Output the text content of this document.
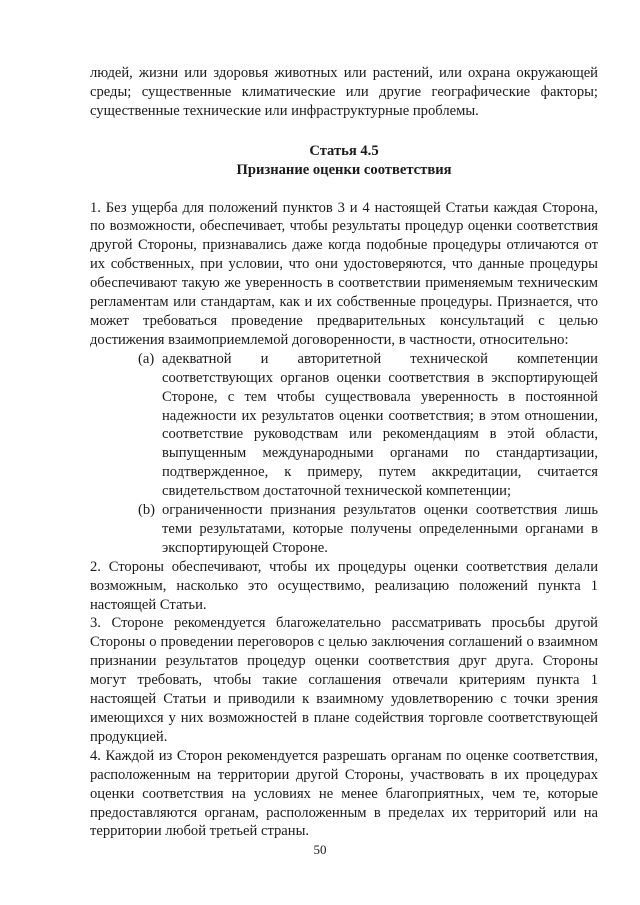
людей, жизни или здоровья животных или растений, или охрана окружающей среды; существенные климатические или другие географические факторы; существенные технические или инфраструктурные проблемы.

Статья 4.5

Признание оценки соответствия

1. Без ущерба для положений пунктов 3 и 4 настоящей Статьи каждая Сторона, по возможности, обеспечивает, чтобы результаты процедур оценки соответствия другой Стороны, признавались даже когда подобные процедуры отличаются от их собственных, при условии, что они удостоверяются, что данные процедуры обеспечивают такую же уверенность в соответствии применяемым техническим регламентам или стандартам, как и их собственные процедуры. Признается, что может требоваться проведение предварительных консультаций с целью достижения взаимоприемлемой договоренности, в частности, относительно:

(a) адекватной и авторитетной технической компетенции соответствующих органов оценки соответствия в экспортирующей Стороне, с тем чтобы существовала уверенность в постоянной надежности их результатов оценки соответствия; в этом отношении, соответствие руководствам или рекомендациям в этой области, выпущенным международными органами по стандартизации, подтвержденное, к примеру, путем аккредитации, считается свидетельством достаточной технической компетенции;
(b) ограниченности признания результатов оценки соответствия лишь теми результатами, которые получены определенными органами в экспортирующей Стороне.

2. Стороны обеспечивают, чтобы их процедуры оценки соответствия делали возможным, насколько это осуществимо, реализацию положений пункта 1 настоящей Статьи.

3. Стороне рекомендуется благожелательно рассматривать просьбы другой Стороны о проведении переговоров с целью заключения соглашений о взаимном признании результатов процедур оценки соответствия друг друга. Стороны могут требовать, чтобы такие соглашения отвечали критериям пункта 1 настоящей Статьи и приводили к взаимному удовлетворению с точки зрения имеющихся у них возможностей в плане содействия торговле соответствующей продукцией.

4. Каждой из Сторон рекомендуется разрешать органам по оценке соответствия, расположенным на территории другой Стороны, участвовать в их процедурах оценки соответствия на условиях не менее благоприятных, чем те, которые предоставляются органам, расположенным в пределах их территорий или на территории любой третьей страны.

50
